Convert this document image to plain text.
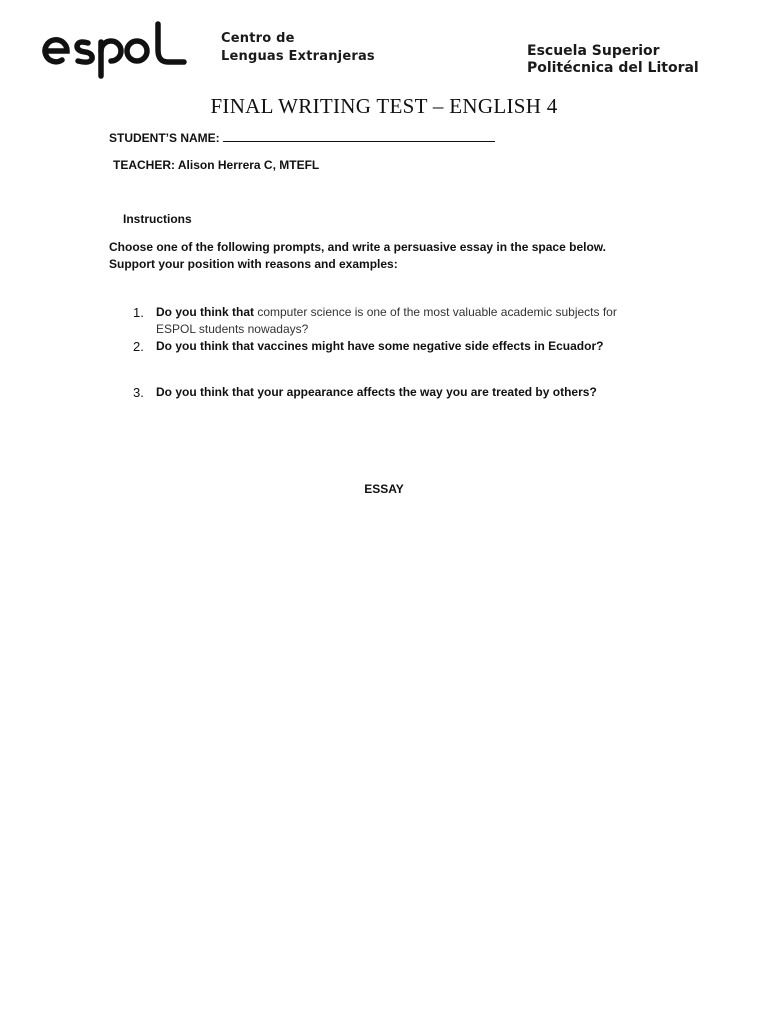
Centro de
Lenguas Extranjeras	Escuela Superior
Politécnica del Litoral
FINAL WRITING TEST – ENGLISH 4
STUDENT’S NAME:
TEACHER: Alison Herrera C, MTEFL
Instructions
Choose one of the following prompts, and write a persuasive essay in the space below.
Support your position with reasons and examples:
1. Do you think that computer science is one of the most valuable academic subjects for
ESPOL students nowadays?
2. Do you think that vaccines might have some negative side effects in Ecuador?
3. Do you think that your appearance affects the way you are treated by others?
ESSAY
